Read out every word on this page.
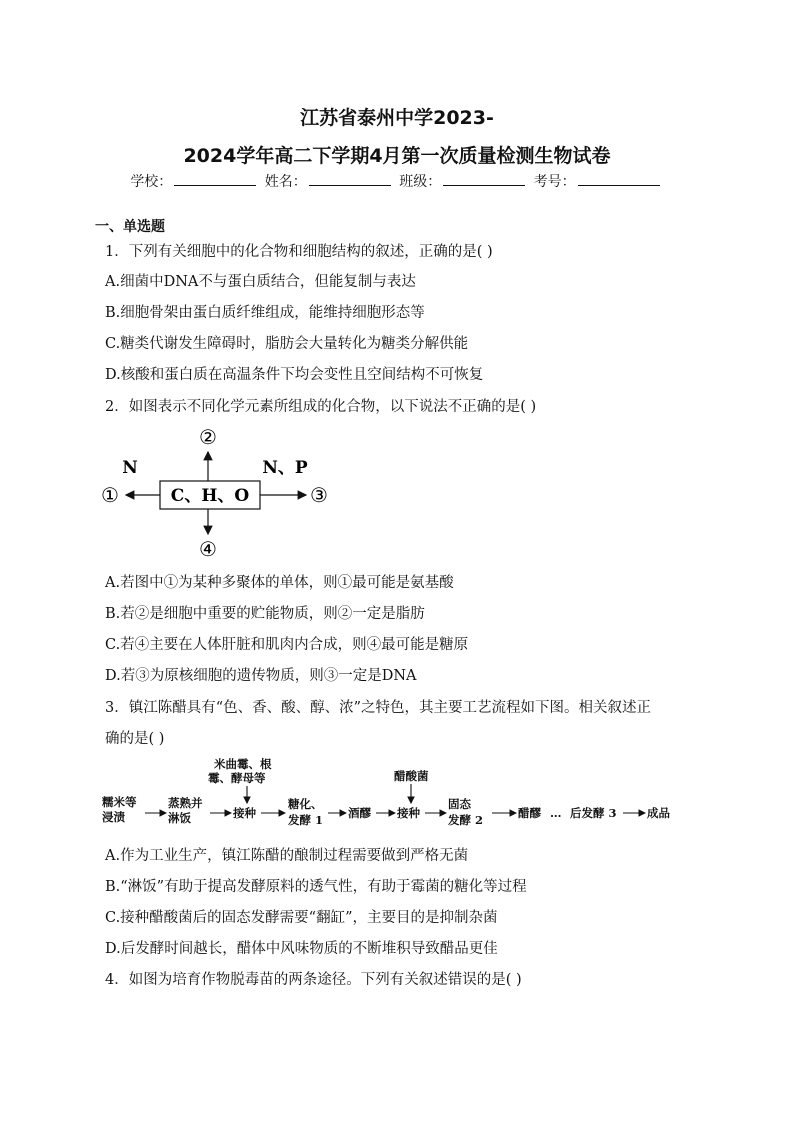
江苏省泰州中学2023-
2024学年高二下学期4月第一次质量检测生物试卷
学校：	姓名：	班级：	考号：
一、单选题
1．下列有关细胞中的化合物和细胞结构的叙述，正确的是( )
A.细菌中DNA不与蛋白质结合，但能复制与表达
B.细胞骨架由蛋白质纤维组成，能维持细胞形态等
C.糖类代谢发生障碍时，脂肪会大量转化为糖类分解供能
D.核酸和蛋白质在高温条件下均会变性且空间结构不可恢复
2．如图表示不同化学元素所组成的化合物，以下说法不正确的是( )
C、H、O
②
①	③
④
N	N、P
A.若图中①为某种多聚体的单体，则①最可能是氨基酸
B.若②是细胞中重要的贮能物质，则②一定是脂肪
C.若④主要在人体肝脏和肌肉内合成，则④最可能是糖原
D.若③为原核细胞的遗传物质，则③一定是DNA
3．镇江陈醋具有“色、香、酸、醇、浓”之特色，其主要工艺流程如下图。相关叙述正
确的是( )
米曲霉、根
霉、酵母等	醋酸菌
糯米等
浸渍
蒸熟并
淋饭	接种
糖化、
发酵 1 酒醪 接种
固态
发酵 2	醋醪 … 后发酵 3	成品
A.作为工业生产，镇江陈醋的酿制过程需要做到严格无菌
B.“淋饭”有助于提高发酵原料的透气性，有助于霉菌的糖化等过程
C.接种醋酸菌后的固态发酵需要“翻缸”，主要目的是抑制杂菌
D.后发酵时间越长，醋体中风味物质的不断堆积导致醋品更佳
4．如图为培育作物脱毒苗的两条途径。下列有关叙述错误的是( )
